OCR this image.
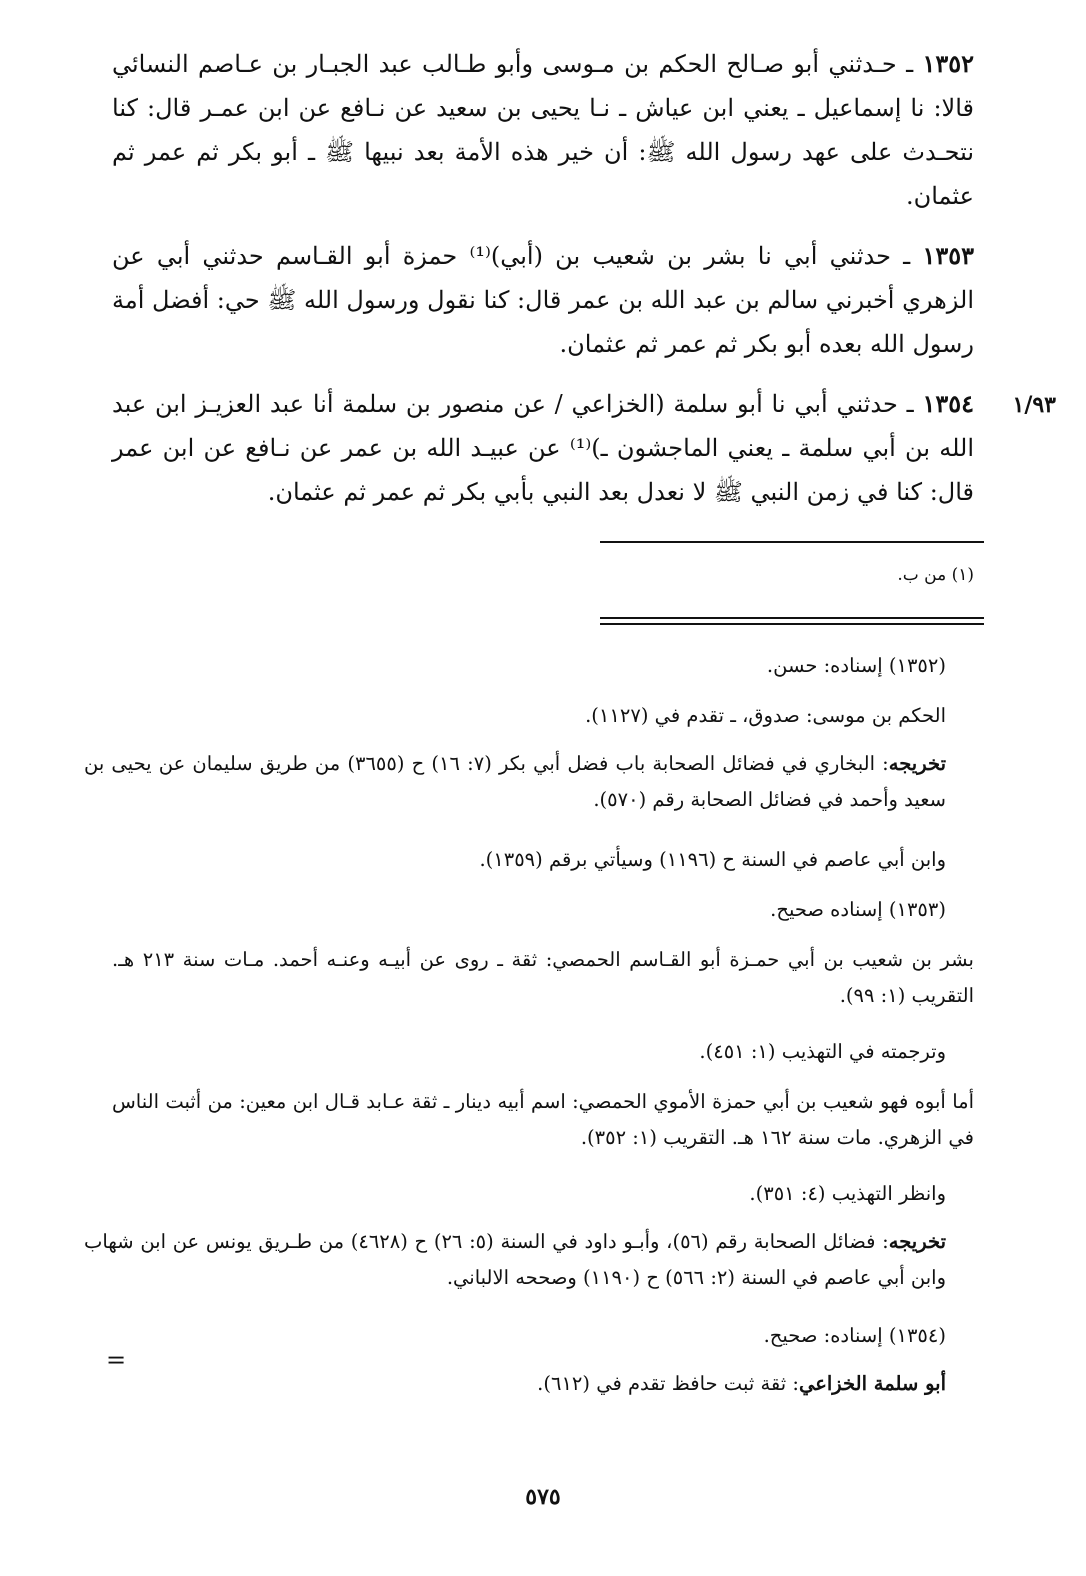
١٣٥٢ ـ حـدثني أبو صـالح الحكم بن مـوسى وأبو طـالب عبد الجبـار بن عـاصم النسائي قالا: نا إسماعيل ـ يعني ابن عياش ـ نـا يحيى بن سعيد عن نـافع عن ابن عمـر قال: كنا نتحـدث على عهد رسول الله ﷺ: أن خير هذه الأمة بعد نبيها ﷺ ـ أبو بكر ثم عمر ثم عثمان.

١٣٥٣ ـ حدثني أبي نا بشر بن شعيب بن (أبي)⁽¹⁾ حمزة أبو القـاسم حدثني أبي عن الزهري أخبرني سالم بن عبد الله بن عمر قال: كنا نقول ورسول الله ﷺ حي: أفضل أمة رسول الله بعده أبو بكر ثم عمر ثم عثمان.

١/٩٣

١٣٥٤ ـ حدثني أبي نا أبو سلمة (الخزاعي / عن منصور بن سلمة أنا عبد العزيـز ابن عبد الله بن أبي سلمة ـ يعني الماجشون ـ)⁽¹⁾ عن عبيـد الله بن عمر عن نـافع عن ابن عمر قال: كنا في زمن النبي ﷺ لا نعدل بعد النبي بأبي بكر ثم عمر ثم عثمان.

(١) من ب.

(١٣٥٢) إسناده: حسن.

الحكم بن موسى: صدوق، ـ تقدم في (١١٢٧).

تخريجه: البخاري في فضائل الصحابة باب فضل أبي بكر (٧: ١٦) ح (٣٦٥٥) من طريق سليمان عن يحيى بن سعيد وأحمد في فضائل الصحابة رقم (٥٧٠).

وابن أبي عاصم في السنة ح (١١٩٦) وسيأتي برقم (١٣٥٩).

(١٣٥٣) إسناده صحيح.

بشر بن شعيب بن أبي حمـزة أبو القـاسم الحمصي: ثقة ـ روى عن أبيـه وعنـه أحمد. مـات سنة ٢١٣ هـ. التقريب (١: ٩٩).

وترجمته في التهذيب (١: ٤٥١).

أما أبوه فهو شعيب بن أبي حمزة الأموي الحمصي: اسم أبيه دينار ـ ثقة عـابد قـال ابن معين: من أثبت الناس في الزهري. مات سنة ١٦٢ هـ. التقريب (١: ٣٥٢).

وانظر التهذيب (٤: ٣٥١).

تخريجه: فضائل الصحابة رقم (٥٦)، وأبـو داود في السنة (٥: ٢٦) ح (٤٦٢٨) من طـريق يونس عن ابن شهاب وابن أبي عاصم في السنة (٢: ٥٦٦) ح (١١٩٠) وصححه الالباني.

(١٣٥٤) إسناده: صحيح.

أبو سلمة الخزاعي: ثقة ثبت حافظ تقدم في (٦١٢).

=
٥٧٥
